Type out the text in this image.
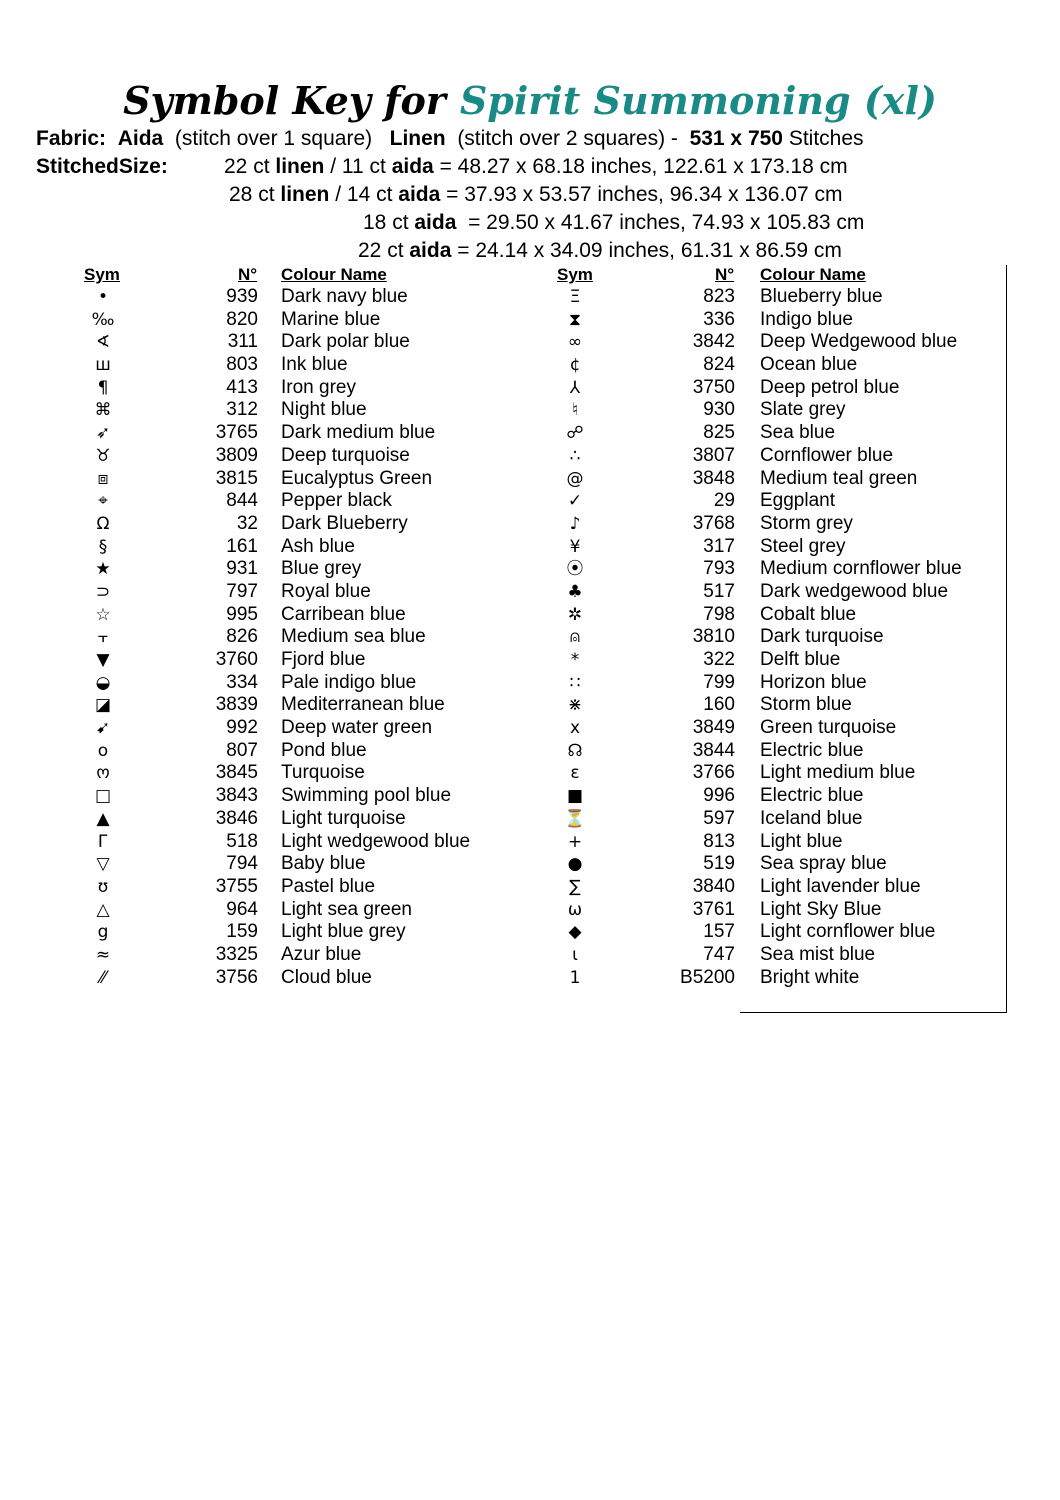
Symbol Key for Spirit Summoning (xl)
Fabric: Aida (stitch over 1 square) Linen (stitch over 2 squares) - 531 x 750 Stitches
StitchedSize:	22 ct linen / 11 ct aida = 48.27 x 68.18 inches, 122.61 x 173.18 cm
28 ct linen / 14 ct aida = 37.93 x 53.57 inches, 96.34 x 136.07 cm
18 ct aida  = 29.50 x 41.67 inches, 74.93 x 105.83 cm
22 ct aida = 24.14 x 34.09 inches, 61.31 x 86.59 cm
Sym	N° Colour Name
•	939 Dark navy blue
‰	820 Marine blue
∢	311 Dark polar blue
ш	803 Ink blue
¶	413 Iron grey
⌘	312 Night blue
➶	3765 Dark medium blue
♉	3809 Deep turquoise
⧈	3815 Eucalyptus Green
⌖	844 Pepper black
Ω	32 Dark Blueberry
§	161 Ash blue
★	931 Blue grey
⊃	797 Royal blue
☆	995 Carribean blue
⫟	826 Medium sea blue
▼	3760 Fjord blue
◒	334 Pale indigo blue
◪	3839 Mediterranean blue
➹	992 Deep water green
o	807 Pond blue
ო	3845 Turquoise
□	3843 Swimming pool blue
▲	3846 Light turquoise
Г	518 Light wedgewood blue
▽	794 Baby blue
ʊ	3755 Pastel blue
△	964 Light sea green
g	159 Light blue grey
≈	3325 Azur blue
⁄⁄	3756 Cloud blue
Sym	N° Colour Name
Ξ	823 Blueberry blue
⧗	336 Indigo blue
∞	3842 Deep Wedgewood blue
¢	824 Ocean blue
⅄	3750 Deep petrol blue
♮	930 Slate grey
☍	825 Sea blue
∴	3807 Cornflower blue
@	3848 Medium teal green
✓	29 Eggplant
♪	3768 Storm grey
¥	317 Steel grey
⦿	793 Medium cornflower blue
♣	517 Dark wedgewood blue
✲	798 Cobalt blue
⍝	3810 Dark turquoise
*	322 Delft blue
∷	799 Horizon blue
⋇	160 Storm blue
x	3849 Green turquoise
☊	3844 Electric blue
ε	3766 Light medium blue
■	996 Electric blue
⏳	597 Iceland blue
+	813 Light blue
●	519 Sea spray blue
∑	3840 Light lavender blue
ω	3761 Light Sky Blue
◆	157 Light cornflower blue
ɩ	747 Sea mist blue
1	B5200 Bright white
